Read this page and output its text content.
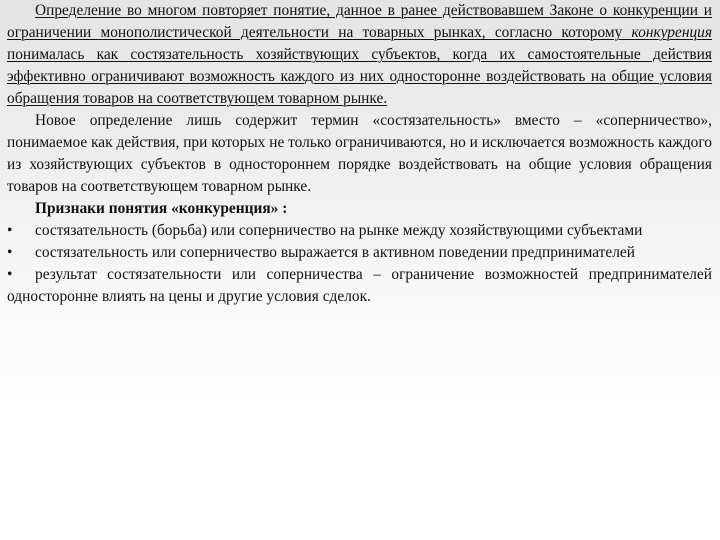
Определение во многом повторяет понятие, данное в ранее действовавшем Законе о конкуренции и ограничении монополистической деятельности на товарных рынках, согласно которому конкуренция понималась как состязательность хозяйствующих субъектов, когда их самостоятельные действия эффективно ограничивают возможность каждого из них односторонне воздействовать на общие условия обращения товаров на соответствующем товарном рынке.

Новое определение лишь содержит термин «состязательность» вместо – «соперничество», понимаемое как действия, при которых не только ограничиваются, но и исключается возможность каждого из хозяйствующих субъектов в одностороннем порядке воздействовать на общие условия обращения товаров на соответствующем товарном рынке.

Признаки понятия «конкуренция» :

• состязательность (борьба) или соперничество на рынке между хозяйствующими субъектами

• состязательность или соперничество выражается в активном поведении предпринимателей

• результат состязательности или соперничества – ограничение возможностей предпринимателей односторонне влиять на цены и другие условия сделок.
